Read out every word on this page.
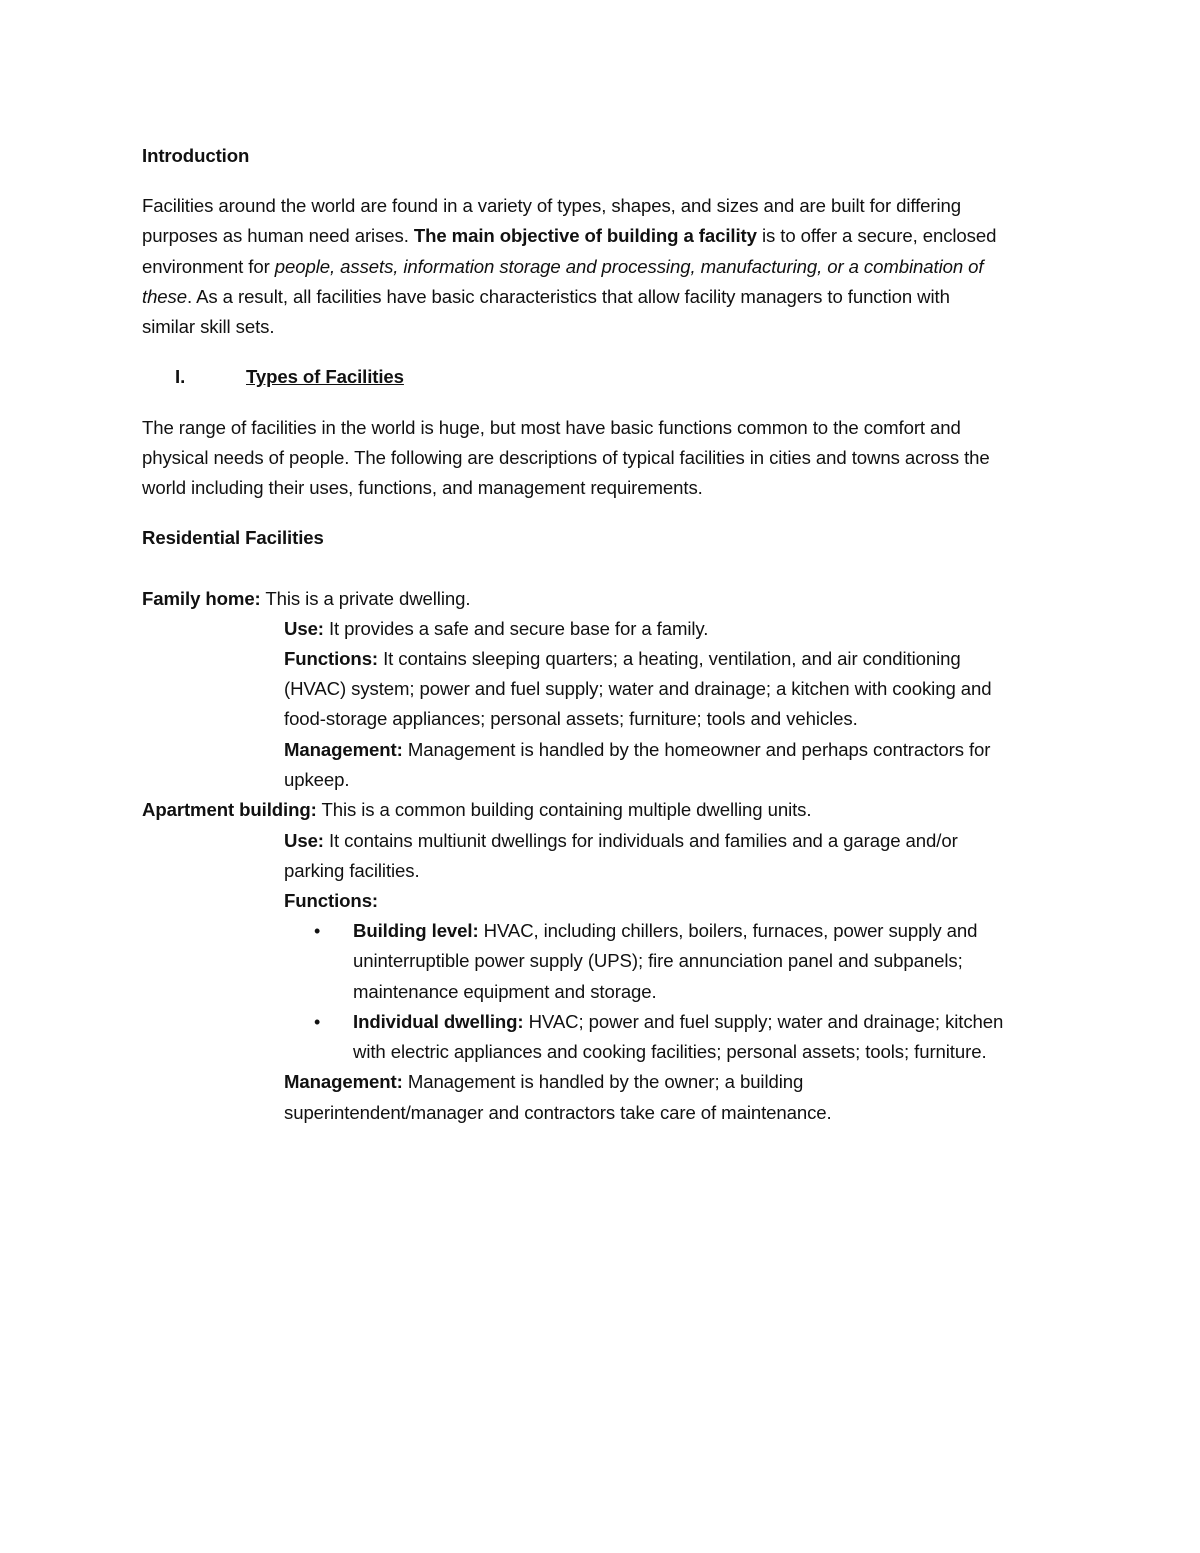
Introduction
Facilities around the world are found in a variety of types, shapes, and sizes and are built for differing
purposes as human need arises. The main objective of building a facility is to offer a secure, enclosed
environment for people, assets, information storage and processing, manufacturing, or a combination of
these. As a result, all facilities have basic characteristics that allow facility managers to function with
similar skill sets.
I.	Types of Facilities
The range of facilities in the world is huge, but most have basic functions common to the comfort and
physical needs of people. The following are descriptions of typical facilities in cities and towns across the
world including their uses, functions, and management requirements.
Residential Facilities
Family home: This is a private dwelling.
Use: It provides a safe and secure base for a family.
Functions: It contains sleeping quarters; a heating, ventilation, and air conditioning
(HVAC) system; power and fuel supply; water and drainage; a kitchen with cooking and
food-storage appliances; personal assets; furniture; tools and vehicles.
Management: Management is handled by the homeowner and perhaps contractors for
upkeep.
Apartment building: This is a common building containing multiple dwelling units.
Use: It contains multiunit dwellings for individuals and families and a garage and/or
parking facilities.
Functions:
• Building level: HVAC, including chillers, boilers, furnaces, power supply and
uninterruptible power supply (UPS); fire annunciation panel and subpanels;
maintenance equipment and storage.
• Individual dwelling: HVAC; power and fuel supply; water and drainage; kitchen
with electric appliances and cooking facilities; personal assets; tools; furniture.
Management: Management is handled by the owner; a building
superintendent/manager and contractors take care of maintenance.
